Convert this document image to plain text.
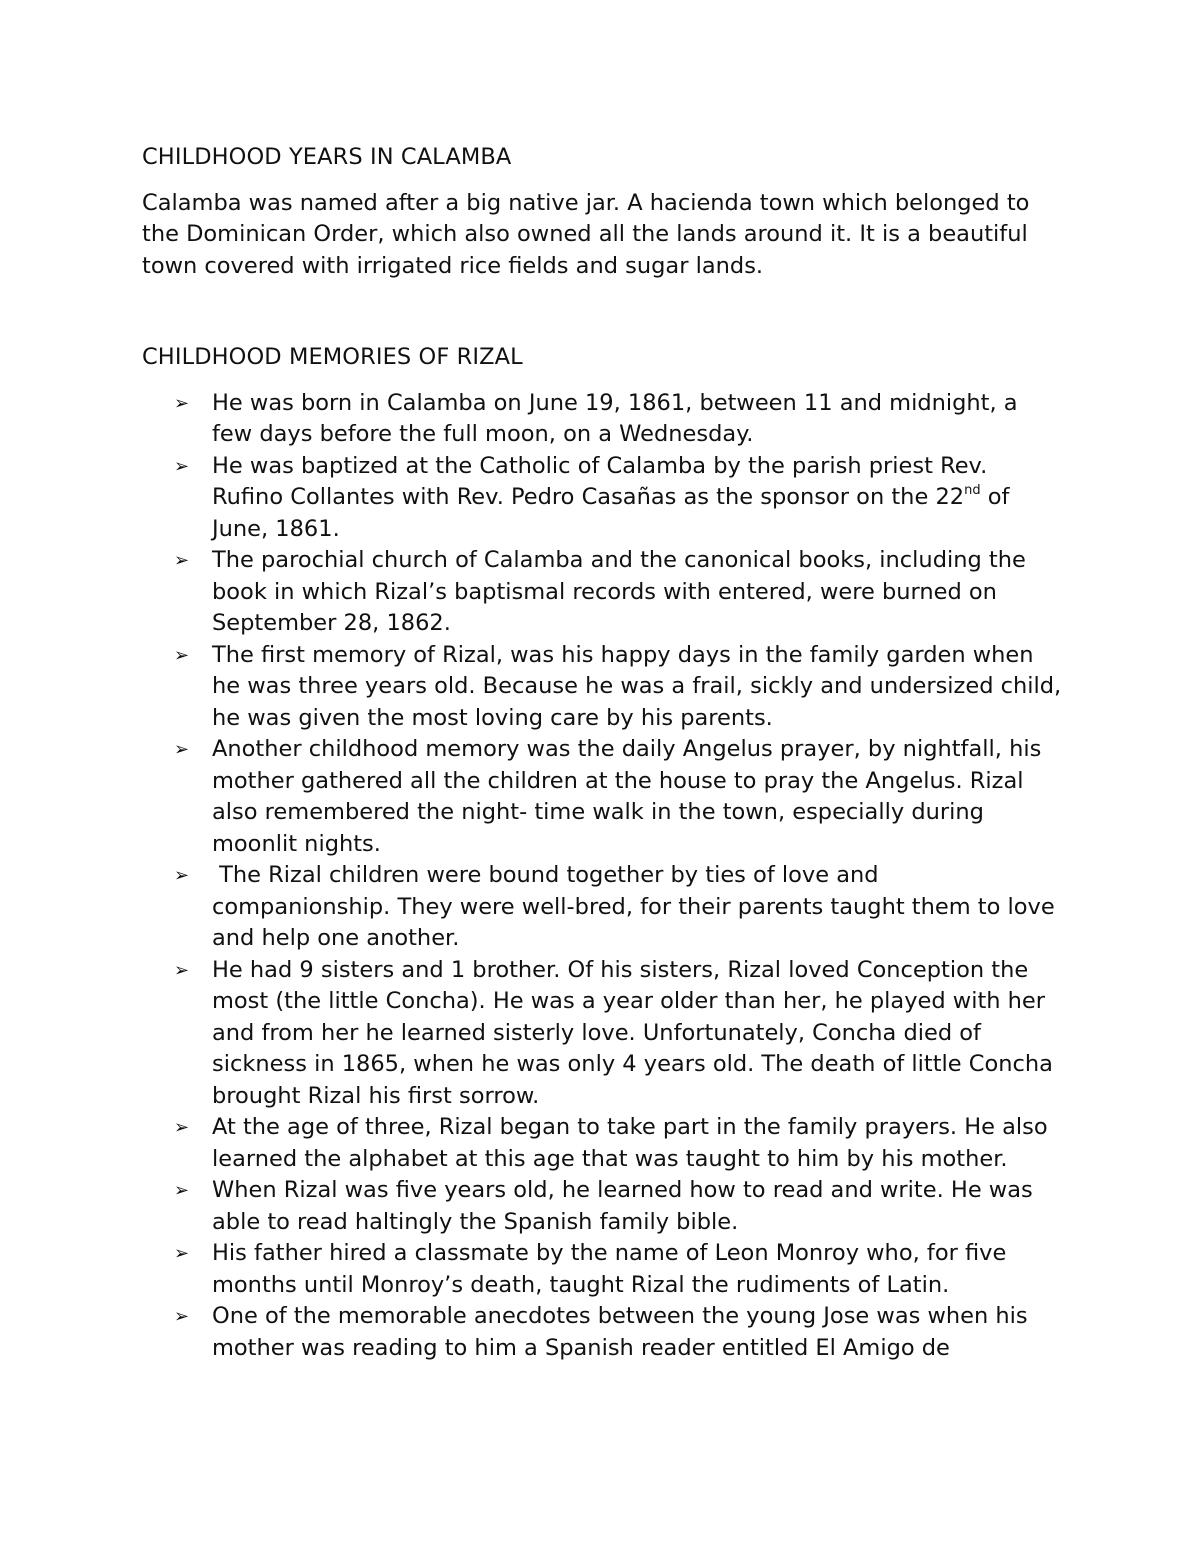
CHILDHOOD YEARS IN CALAMBA

Calamba was named after a big native jar. A hacienda town which belonged to the Dominican Order, which also owned all the lands around it. It is a beautiful town covered with irrigated rice fields and sugar lands.

CHILDHOOD MEMORIES OF RIZAL
➢ He was born in Calamba on June 19, 1861, between 11 and midnight, a few days before the full moon, on a Wednesday.
➢ He was baptized at the Catholic of Calamba by the parish priest Rev. Rufino Collantes with Rev. Pedro Casañas as the sponsor on the 22nd of June, 1861.
➢ The parochial church of Calamba and the canonical books, including the book in which Rizal’s baptismal records with entered, were burned on September 28, 1862.
➢ The first memory of Rizal, was his happy days in the family garden when he was three years old. Because he was a frail, sickly and undersized child, he was given the most loving care by his parents.
➢ Another childhood memory was the daily Angelus prayer, by nightfall, his mother gathered all the children at the house to pray the Angelus. Rizal also remembered the night- time walk in the town, especially during moonlit nights.
➢ The Rizal children were bound together by ties of love and companionship. They were well-bred, for their parents taught them to love and help one another.
➢ He had 9 sisters and 1 brother. Of his sisters, Rizal loved Conception the most (the little Concha). He was a year older than her, he played with her and from her he learned sisterly love. Unfortunately, Concha died of sickness in 1865, when he was only 4 years old. The death of little Concha brought Rizal his first sorrow.
➢ At the age of three, Rizal began to take part in the family prayers. He also learned the alphabet at this age that was taught to him by his mother.
➢ When Rizal was five years old, he learned how to read and write. He was able to read haltingly the Spanish family bible.
➢ His father hired a classmate by the name of Leon Monroy who, for five months until Monroy’s death, taught Rizal the rudiments of Latin.
➢ One of the memorable anecdotes between the young Jose was when his mother was reading to him a Spanish reader entitled El Amigo de
